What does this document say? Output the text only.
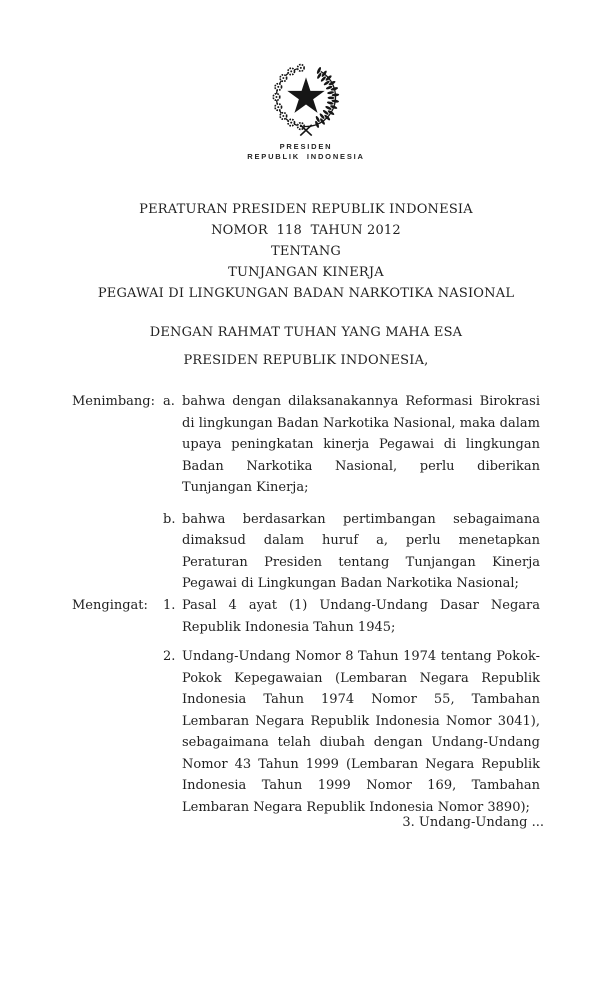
PRESIDEN
REPUBLIK INDONESIA
PERATURAN PRESIDEN REPUBLIK INDONESIA
NOMOR  118  TAHUN 2012
TENTANG
TUNJANGAN KINERJA
PEGAWAI DI LINGKUNGAN BADAN NARKOTIKA NASIONAL
DENGAN RAHMAT TUHAN YANG MAHA ESA
PRESIDEN REPUBLIK INDONESIA,
Menimbang: a. bahwa dengan dilaksanakannya Reformasi Birokrasi di lingkungan Badan Narkotika Nasional, maka dalam upaya peningkatan kinerja Pegawai di lingkungan Badan Narkotika Nasional, perlu diberikan Tunjangan Kinerja;
b. bahwa berdasarkan pertimbangan sebagaimana dimaksud dalam huruf a, perlu menetapkan Peraturan Presiden tentang Tunjangan Kinerja Pegawai di Lingkungan Badan Narkotika Nasional;
Mengingat: 1. Pasal 4 ayat (1) Undang-Undang Dasar Negara Republik Indonesia Tahun 1945;
2. Undang-Undang Nomor 8 Tahun 1974 tentang Pokok-Pokok Kepegawaian (Lembaran Negara Republik Indonesia Tahun 1974 Nomor 55, Tambahan Lembaran Negara Republik Indonesia Nomor 3041), sebagaimana telah diubah dengan Undang-Undang Nomor 43 Tahun 1999 (Lembaran Negara Republik Indonesia Tahun 1999 Nomor 169, Tambahan Lembaran Negara Republik Indonesia Nomor 3890);
3. Undang-Undang ...
